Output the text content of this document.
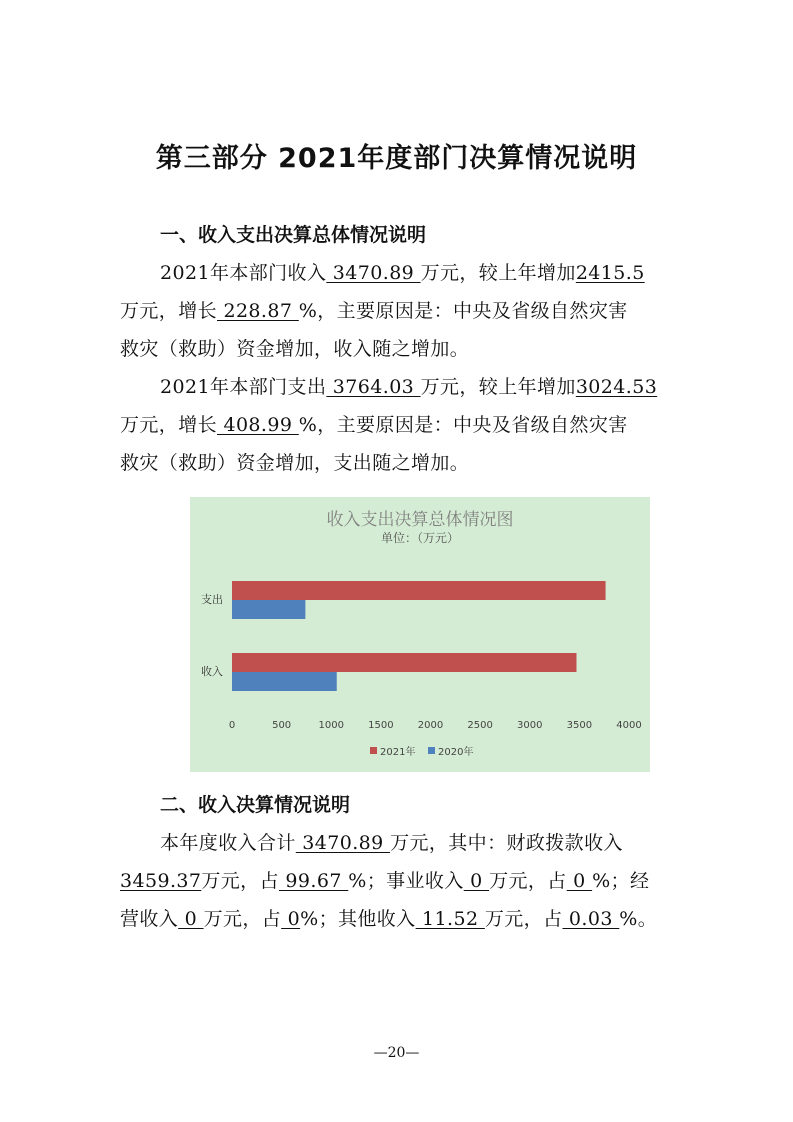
第三部分 2021年度部门决算情况说明
一、收入支出决算总体情况说明
2021年本部门收入 3470.89 万元，较上年增加2415.5
万元，增长 228.87 %，主要原因是：中央及省级自然灾害
救灾（救助）资金增加，收入随之增加。
2021年本部门支出 3764.03 万元，较上年增加3024.53
万元，增长 408.99 %，主要原因是：中央及省级自然灾害
救灾（救助）资金增加，支出随之增加。
收入支出决算总体情况图
单位：（万元）
支出
收入
0	500	1000 1500 2000 2500 3000 3500 4000
2021年 2020年
二、收入决算情况说明
本年度收入合计 3470.89 万元，其中：财政拨款收入
3459.37万元，占 99.67 %；事业收入 0 万元，占 0 %；经
营收入 0 万元，占 0%；其他收入 11.52 万元，占 0.03 %。
—20—
